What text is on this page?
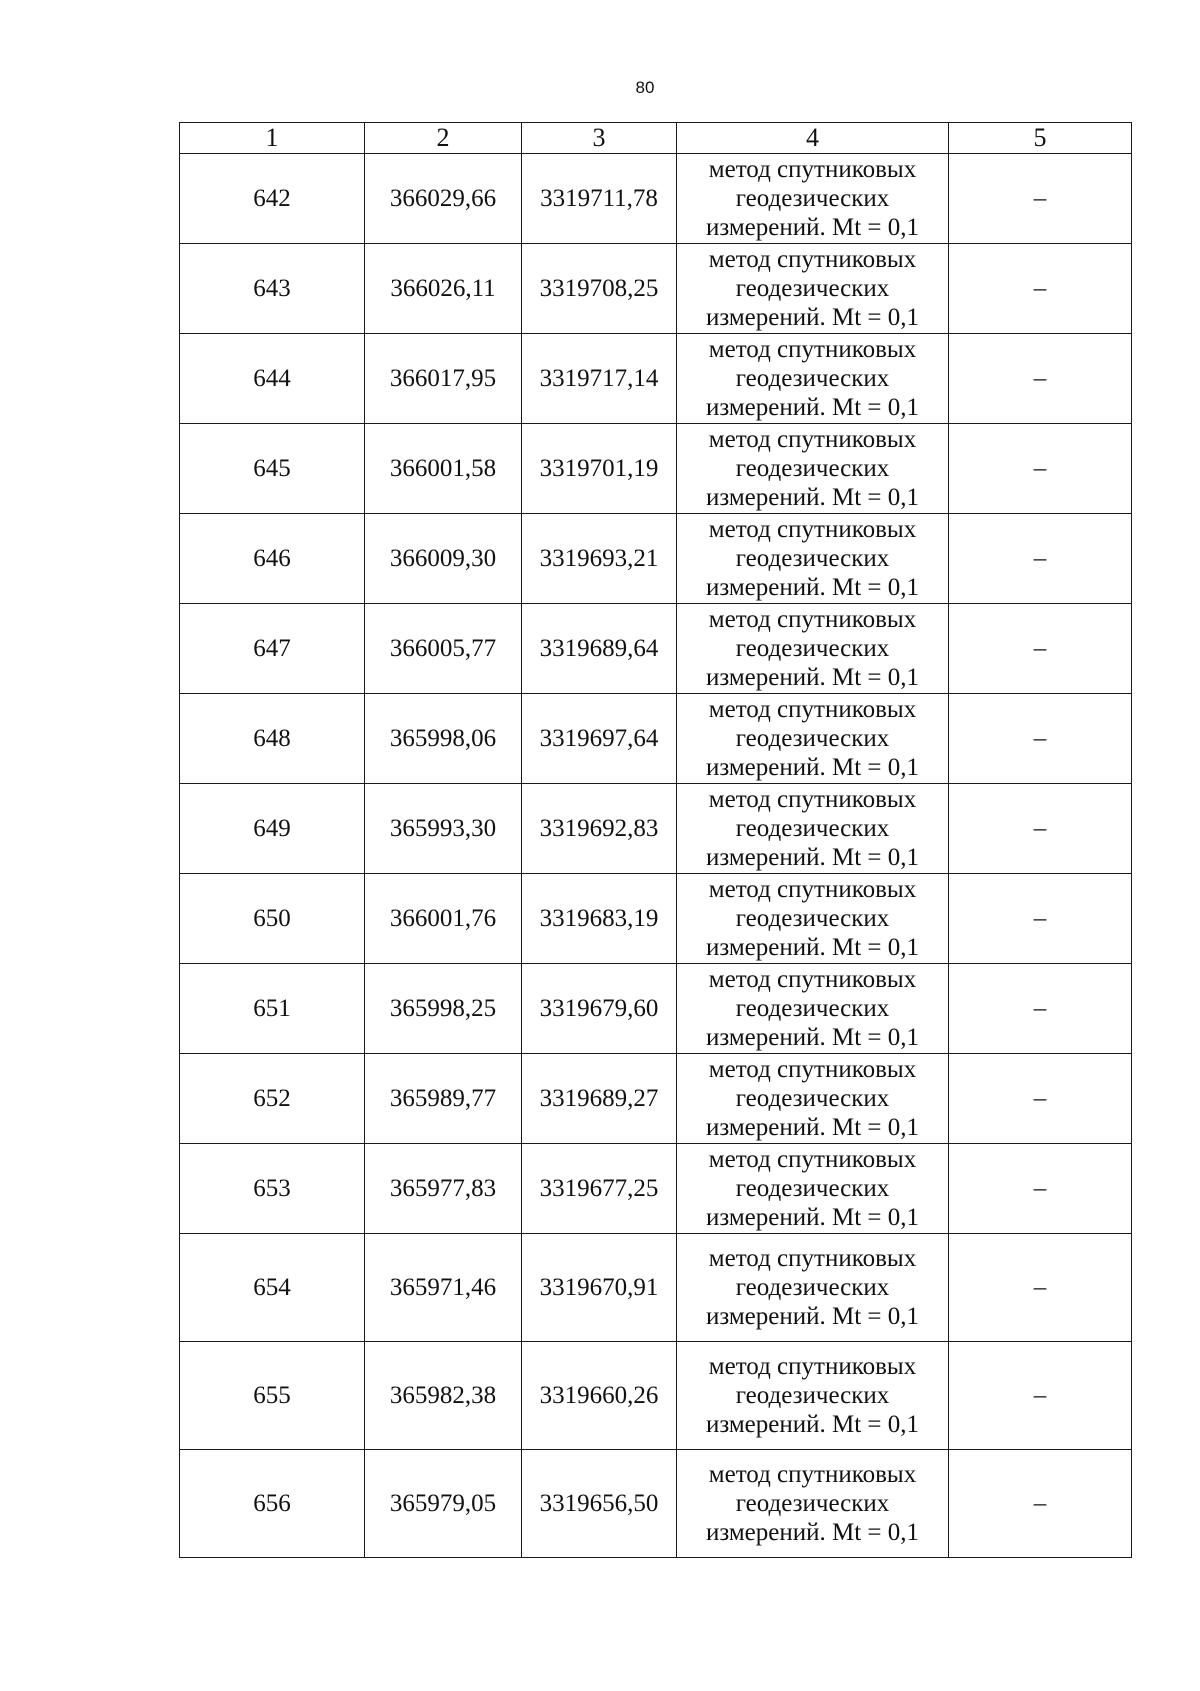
80
1	2	3	4	5
642	366029,66	3319711,78	метод спутниковых геодезических измерений. Mt = 0,1	–
643	366026,11	3319708,25	метод спутниковых геодезических измерений. Mt = 0,1	–
644	366017,95	3319717,14	метод спутниковых геодезических измерений. Mt = 0,1	–
645	366001,58	3319701,19	метод спутниковых геодезических измерений. Mt = 0,1	–
646	366009,30	3319693,21	метод спутниковых геодезических измерений. Mt = 0,1	–
647	366005,77	3319689,64	метод спутниковых геодезических измерений. Mt = 0,1	–
648	365998,06	3319697,64	метод спутниковых геодезических измерений. Mt = 0,1	–
649	365993,30	3319692,83	метод спутниковых геодезических измерений. Mt = 0,1	–
650	366001,76	3319683,19	метод спутниковых геодезических измерений. Mt = 0,1	–
651	365998,25	3319679,60	метод спутниковых геодезических измерений. Mt = 0,1	–
652	365989,77	3319689,27	метод спутниковых геодезических измерений. Mt = 0,1	–
653	365977,83	3319677,25	метод спутниковых геодезических измерений. Mt = 0,1	–
654	365971,46	3319670,91	метод спутниковых геодезических измерений. Mt = 0,1	–
655	365982,38	3319660,26	метод спутниковых геодезических измерений. Mt = 0,1	–
656	365979,05	3319656,50	метод спутниковых геодезических измерений. Mt = 0,1	–
